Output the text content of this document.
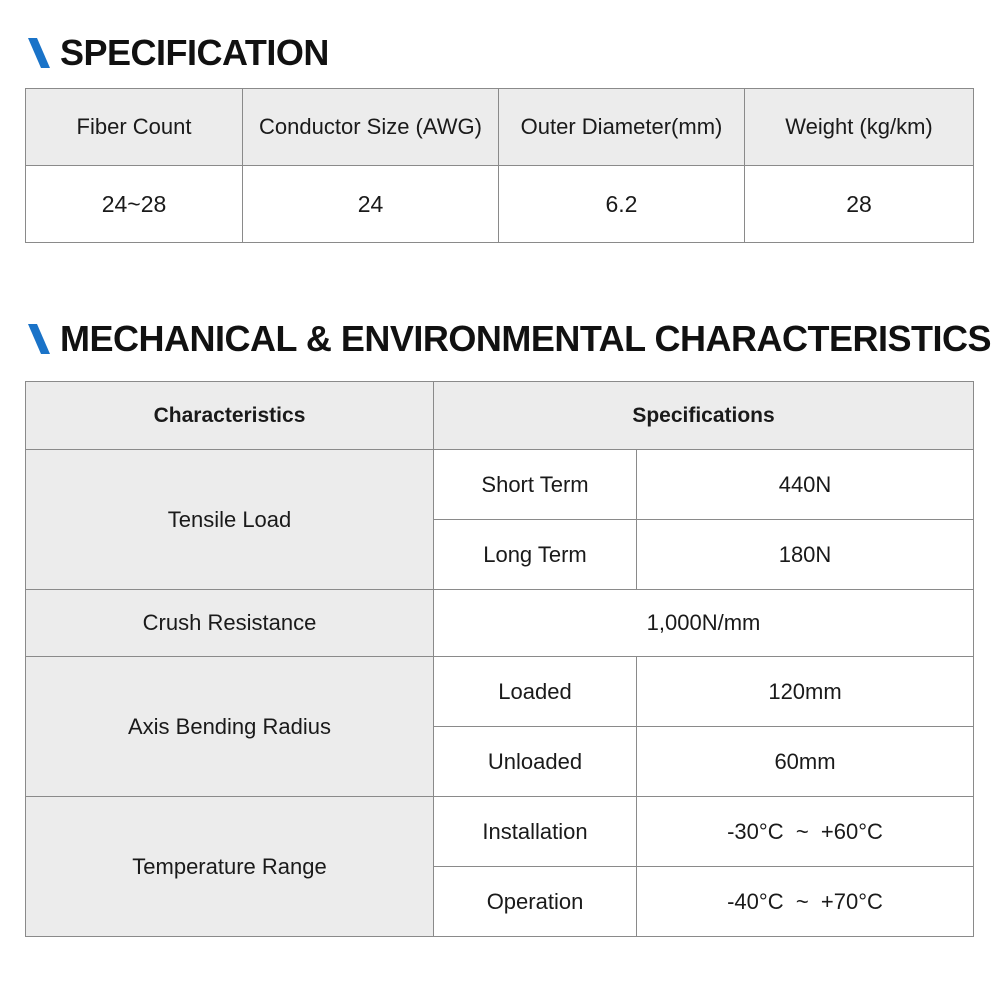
SPECIFICATION
Fiber Count	Conductor Size (AWG)	Outer Diameter(mm)	Weight (kg/km)
24~28	24	6.2	28
MECHANICAL & ENVIRONMENTAL CHARACTERISTICS
Characteristics	Specifications	
Tensile Load	Short Term	440N
	Long Term	180N
Crush Resistance	1,000N/mm	
Axis Bending Radius	Loaded	120mm
	Unloaded	60mm
Temperature Range	Installation	-30°C  ~  +60°C
	Operation	-40°C  ~  +70°C
